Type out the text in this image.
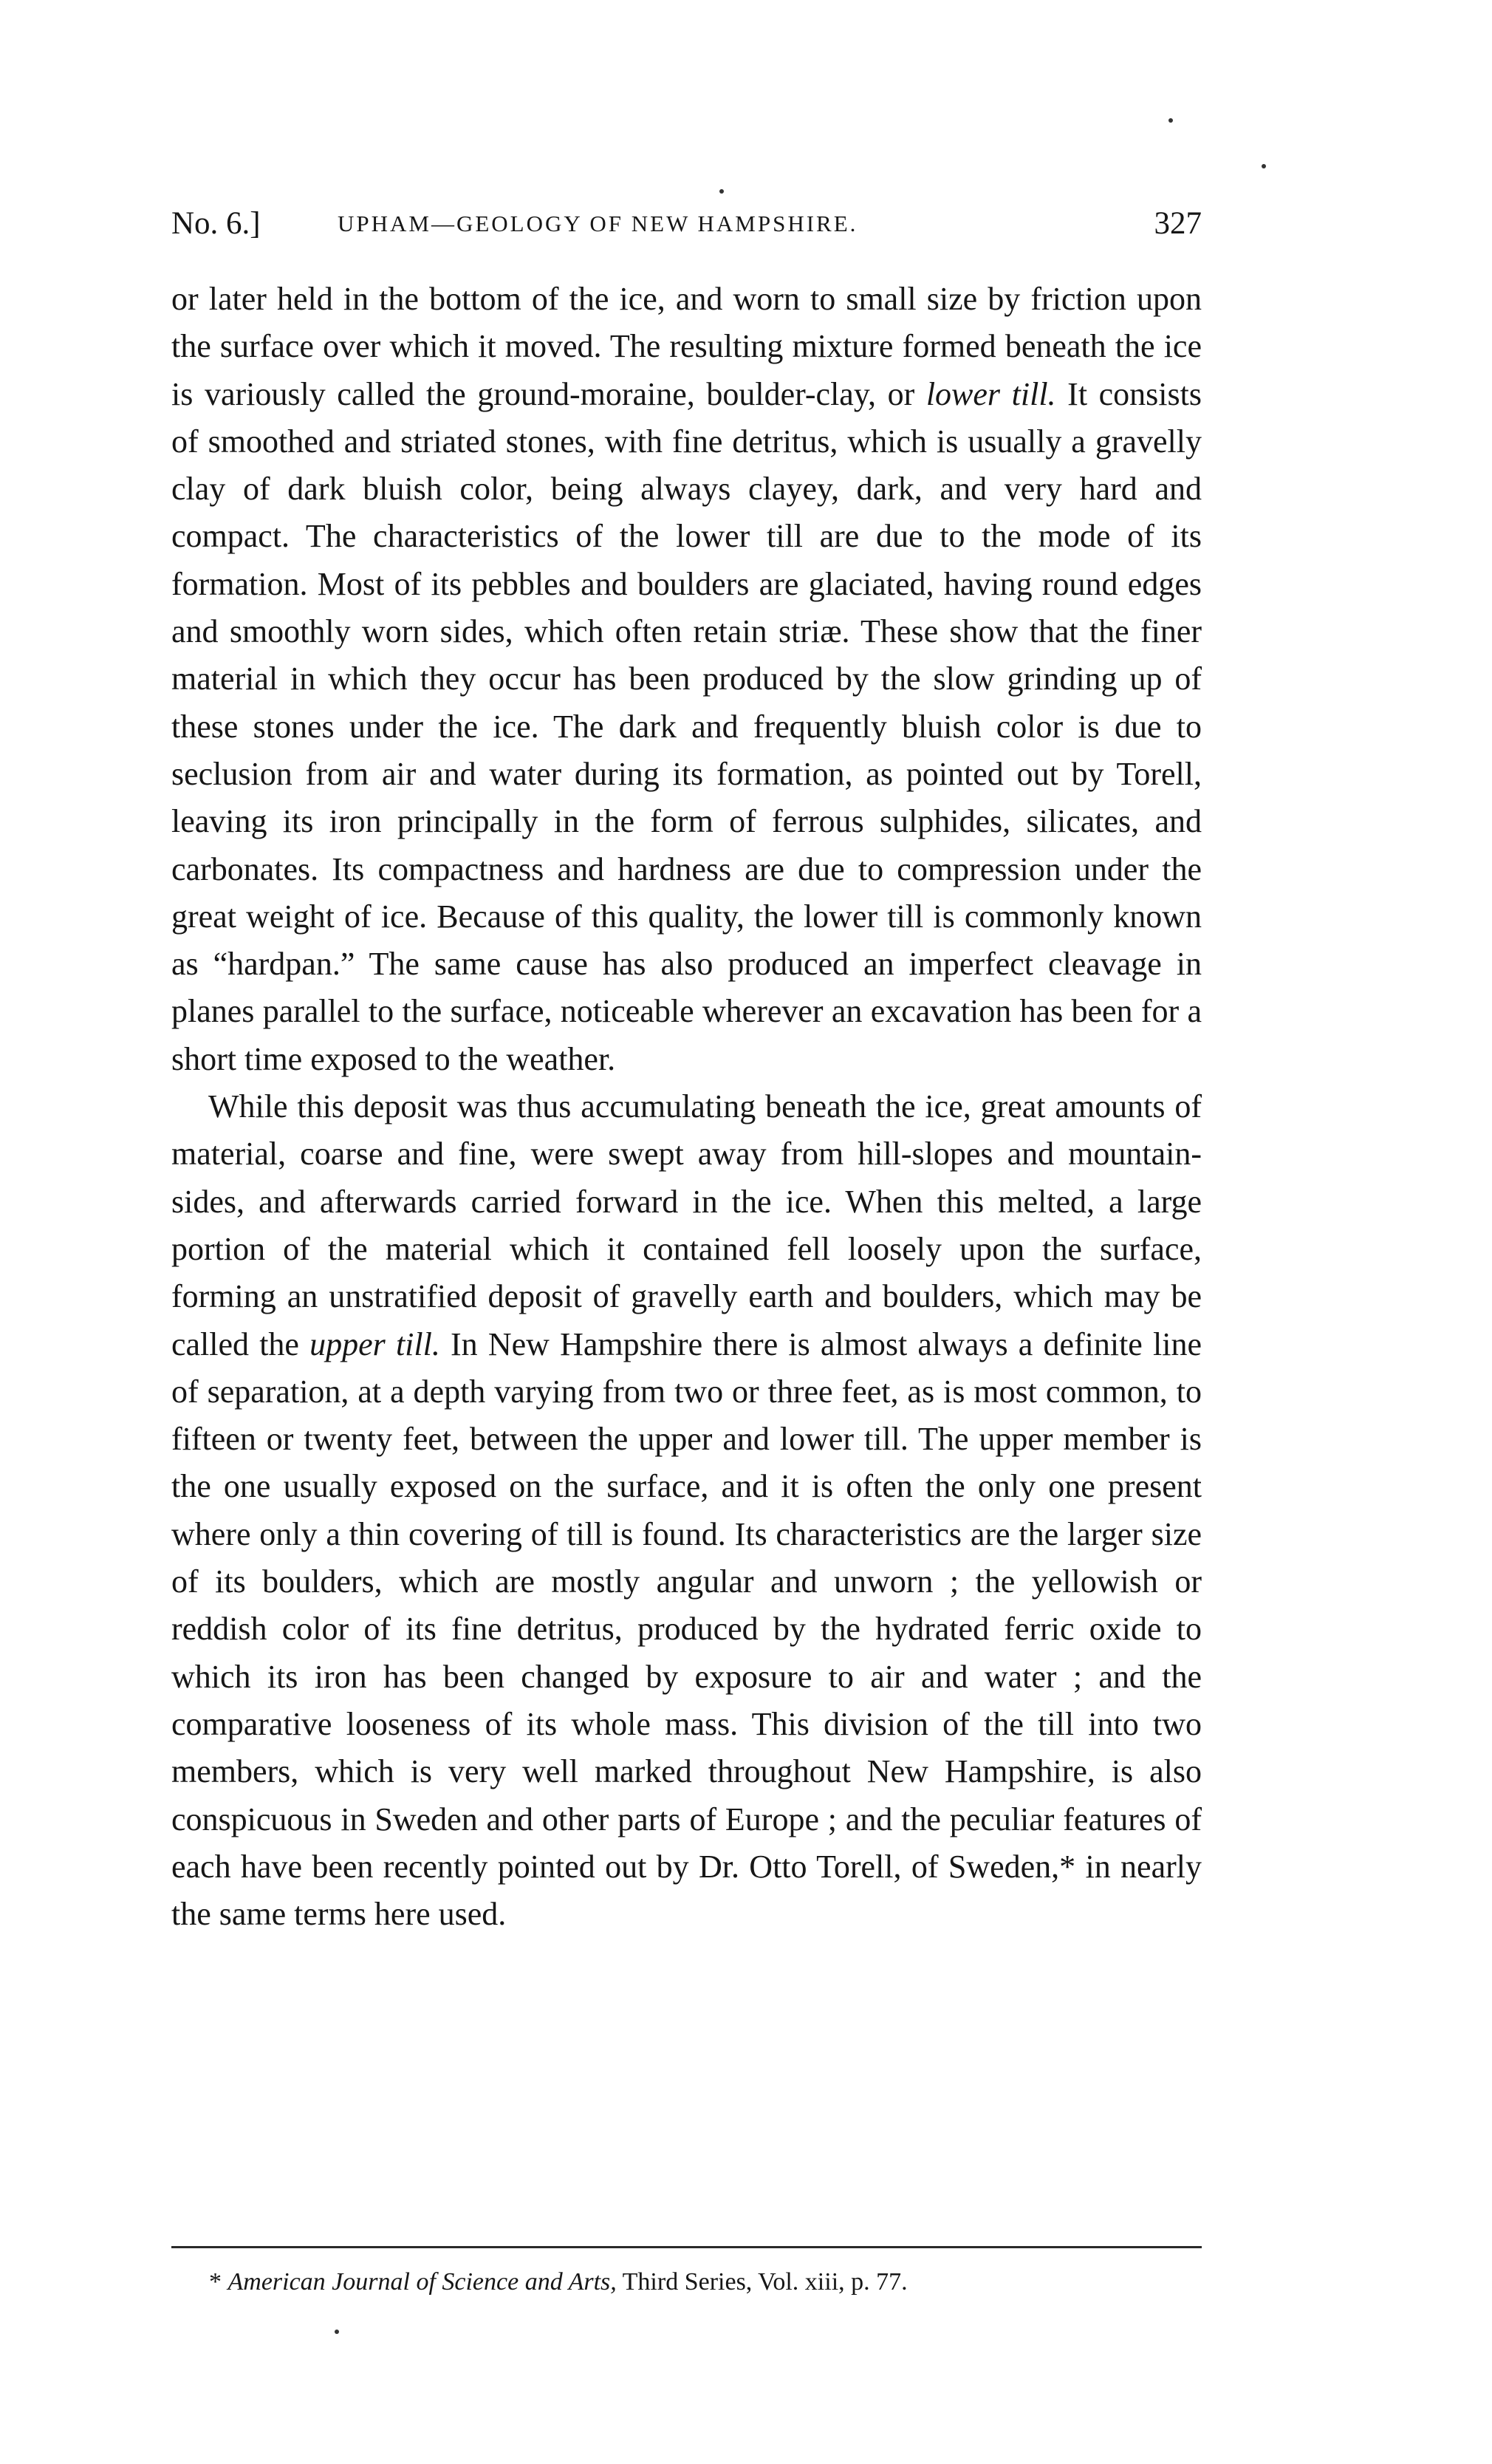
No. 6.]	UPHAM—GEOLOGY OF NEW HAMPSHIRE.	327

or later held in the bottom of the ice, and worn to small size by friction upon the surface over which it moved. The resulting mixture formed beneath the ice is variously called the ground-moraine, boulder-clay, or lower till. It consists of smoothed and striated stones, with fine detritus, which is usually a gravelly clay of dark bluish color, being always clayey, dark, and very hard and compact. The characteristics of the lower till are due to the mode of its formation. Most of its pebbles and boulders are glaciated, having round edges and smoothly worn sides, which often retain striæ. These show that the finer material in which they occur has been produced by the slow grinding up of these stones under the ice. The dark and frequently bluish color is due to seclusion from air and water during its formation, as pointed out by Torell, leaving its iron principally in the form of ferrous sulphides, silicates, and carbonates. Its compactness and hardness are due to compression under the great weight of ice. Because of this quality, the lower till is commonly known as “hardpan.” The same cause has also produced an imperfect cleavage in planes parallel to the surface, noticeable wherever an excavation has been for a short time exposed to the weather.

While this deposit was thus accumulating beneath the ice, great amounts of material, coarse and fine, were swept away from hill-slopes and mountain-sides, and afterwards carried forward in the ice. When this melted, a large portion of the material which it contained fell loosely upon the surface, forming an unstratified deposit of gravelly earth and boulders, which may be called the upper till. In New Hampshire there is almost always a definite line of separation, at a depth varying from two or three feet, as is most common, to fifteen or twenty feet, between the upper and lower till. The upper member is the one usually exposed on the surface, and it is often the only one present where only a thin covering of till is found. Its characteristics are the larger size of its boulders, which are mostly angular and unworn ; the yellowish or reddish color of its fine detritus, produced by the hydrated ferric oxide to which its iron has been changed by exposure to air and water ; and the comparative looseness of its whole mass. This division of the till into two members, which is very well marked throughout New Hampshire, is also conspicuous in Sweden and other parts of Europe ; and the peculiar features of each have been recently pointed out by Dr. Otto Torell, of Sweden,* in nearly the same terms here used.

* American Journal of Science and Arts, Third Series, Vol. xiii, p. 77.
